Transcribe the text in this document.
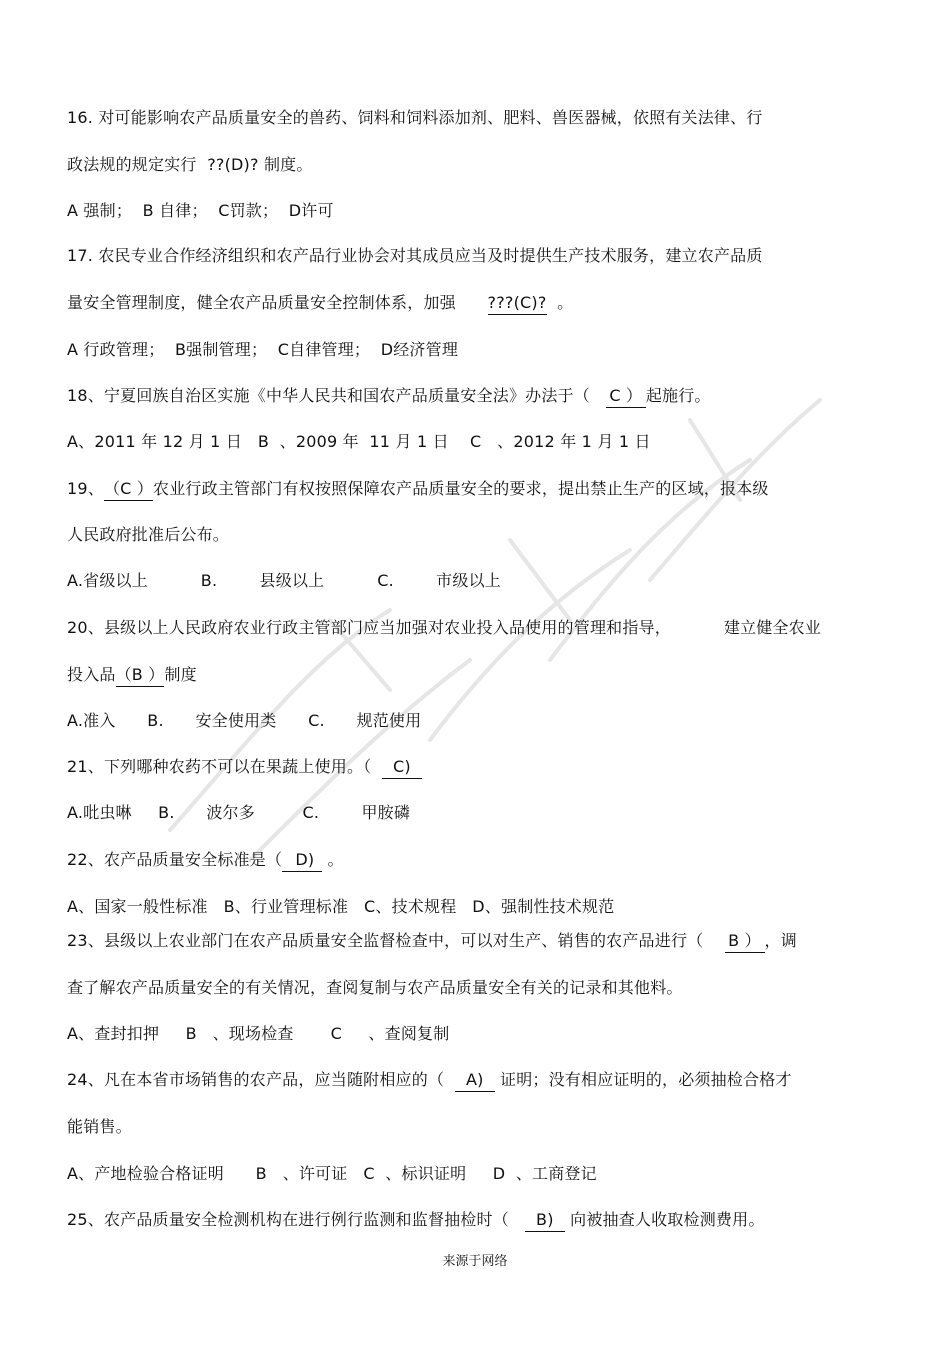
16. 对可能影响农产品质量安全的兽药、饲料和饲料添加剂、肥料、兽医器械，依照有关法律、行
政法规的规定实行  ??(D)? 制度。
A 强制；  B 自律；  C罚款；  D许可
17. 农民专业合作经济组织和农产品行业协会对其成员应当及时提供生产技术服务，建立农产品质
量安全管理制度，健全农产品质量安全控制体系，加强      ???(C)?  。
A 行政管理；  B强制管理；  C自律管理；  D经济管理
18、宁夏回族自治区实施《中华人民共和国农产品质量安全法》办法于（   C ） 起施行。
A、2011 年 12 月 1 日   B  、2009 年  11 月 1 日    C   、2012 年 1 月 1 日
19、（C ）农业行政主管部门有权按照保障农产品质量安全的要求，提出禁止生产的区域，报本级
人民政府批准后公布。
A.省级以上          B.        县级以上          C.        市级以上
20、县级以上人民政府农业行政主管部门应当加强对农业投入品使用的管理和指导，          建立健全农业
投入品（B ）制度
A.准入      B.      安全使用类      C.      规范使用
21、下列哪种农药不可以在果蔬上使用。（  C)
A.吡虫啉     B.      波尔多         C.        甲胺磷
22、农产品质量安全标准是（ D) 。
A、国家一般性标准   B、行业管理标准   C、技术规程   D、强制性技术规范
23、县级以上农业部门在农产品质量安全监督检查中，可以对生产、销售的农产品进行（    B ） ，调
查了解农产品质量安全的有关情况，查阅复制与农产品质量安全有关的记录和其他料。
A、查封扣押     B   、现场检查       C     、查阅复制
24、凡在本省市场销售的农产品，应当随附相应的（  A) 证明；没有相应证明的，必须抽检合格才
能销售。
A、产地检验合格证明      B   、许可证   C  、标识证明     D  、工商登记
25、农产品质量安全检测机构在进行例行监测和监督抽检时（   B) 向被抽查人收取检测费用。
来源于网络
